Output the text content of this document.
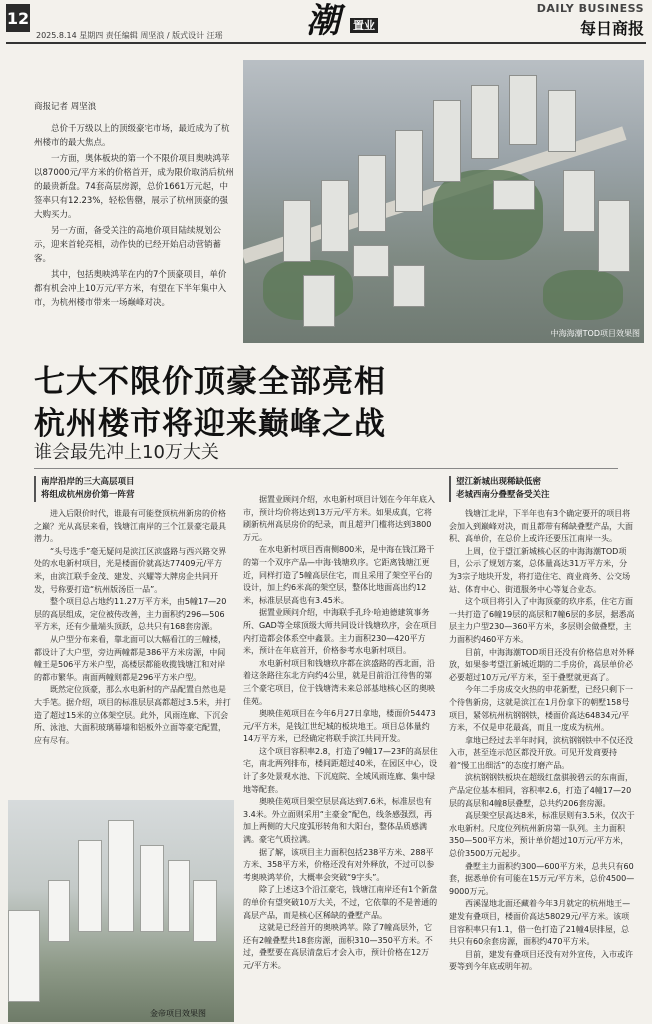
12
2025.8.14 星期四 责任编辑 周坚浪 / 版式设计 汪瑶 潮	置业
DAILY BUSINESS
每日商报
中海海潮TOD项目效果图

商报记者 周坚浪

总价千万级以上的顶级豪宅市场，最近成为了杭州楼市的最大焦点。

一方面，奥体板块的第一个不限价项目奥映鸿苹以87000元/平方米的价格首开，成为限价取消后杭州的最贵新盘。74套高层房源，总价1661万元起，中签率只有12.23%，轻松售罄，展示了杭州顶豪的强大购买力。

另一方面，备受关注的高地价项目陆续规划公示，迎来首轮亮相，动作快的已经开始启动营销蓄客。

其中，包括奥映鸿苹在内的7个顶豪项目，单价都有机会冲上10万元/平方米，有望在下半年集中入市，为杭州楼市带来一场巅峰对决。

七大不限价顶豪全部亮相
杭州楼市将迎来巅峰之战
谁会最先冲上10万大关

南岸沿岸的三大高层项目
将组成杭州房价第一阵营

进入后限价时代，谁最有可能登顶杭州新房的价格之巅？光从高层来看，钱塘江南岸的三个江景豪宅最具潜力。

“头号选手”毫无疑问是滨江区滨盛路与西兴路交界处的水电新村项目，光是楼面价就高达77409元/平方米，由滨江联手金茂、建发、兴耀等大牌房企共同开发，号称要打造“杭州版汤臣一品”。

整个项目总占地约11.27万平方米，由5幢17—20层的高层组成，定位被传改善，主力面积约296—506平方米，还有少量端头顶跃，总共只有168套房源。

从户型分布来看，靠北面可以大幅看江的三幢楼，都设计了大户型，旁边两幢都是386平方米房源，中间幢王是506平方米户型，高楼层都能收揽钱塘江和对岸的都市繁华。南面两幢则都是296平方米户型。

既然定位顶豪，那么水电新村的产品配置自然也是大手笔。据介绍，项目的标准层层高都超过3.5米，并打造了超过15米的立体架空层。此外，风雨连廊、下沉会所、泳池、大面积玻璃幕墙和铝板外立面等豪宅配置，应有尽有。

据置业顾问介绍，水电新村项目计划在今年年底入市，预计均价将达到13万元/平方米。如果成真，它将刷新杭州高层房价的纪录，而且超尹门槛将达到3800万元。

在水电新村项目西南侧800米，是中海在钱江路干的第一个双序产品—中海·钱塘玖序。它距离钱塘江更近，同样打造了5幢高层住宅，而且采用了架空平台的设计，加上约6米高的架空层，整体比地面高出约12米，标准层层高也有3.45米。

据置业顾问介绍，中海联手孔玲·哈迪德建筑事务所、GAD等全球顶级大师共同设计钱塘玖序，会在项目内打造都会体系空中鑫景。主力面积230—420平方米，预计在年底首开，价格参考水电新村项目。

水电新村项目和钱塘玖序都在滨盛路的西北面，沿着这条路往东北方向约4公里，就是目前沿江待售的第三个豪宅项目，位于钱塘湾未来总部基地核心区的奥映佳苑。

奥映佳苑项目在今年6月27日拿地，楼面价54473元/平方米，是钱江世纪城的板块地王。项目总体量约14万平方米，已经确定将联手滨江共同开发。

这个项目容积率2.8，打造了9幢17—23F的高层住宅，南北两列排布，楼间距超过40米，在园区中心，设计了多处景观水池、下沉庭院、全域风雨连廊、集中绿地等配套。

奥映佳苑项目架空层层高达到7.6米，标准层也有3.4米。外立面则采用“主豪金”配色，线条感强烈，再加上两侧的大尺度弧形转角和大阳台，整体品质感满满。豪宅气质拉满。

据了解，该项目主力面积包括238平方米、288平方米、358平方米，价格还没有对外释放，不过可以参考奥映鸿苹价，大概率会突破“9字头”。

除了上述这3个沿江豪宅，钱塘江南岸还有1个新盘的单价有望突破10万大关，不过，它依靠的不是普通的高层产品，而是核心区稀缺的叠墅产品。

这就是已经首开的奥映鸿苹。除了7幢高层外，它还有2幢叠墅共18套房源，面积310—350平方米。不过，叠墅要在高层清盘后才会入市，预计价格在12万元/平方米。

望江新城出现稀缺低密
老城西南分叠墅备受关注

钱塘江北岸，下半年也有3个确定要开的项目将会加入到巅峰对决，而且都带有稀缺叠墅产品，大面积、高单价，在总价上或许还要压江南岸一头。

上周，位于望江新城核心区的中海海潮TOD项目，公示了规划方案，总体量高达31万平方米，分为3宗子地块开发，将打造住宅、商业商务、公交场站、体育中心、街道服务中心等复合业态。

这个项目将引入了中海顶豪的玖序系，住宅方面一共打造了6幢19层的高层和7幢6层的多层，据悉高层主力户型230—360平方米，多层则会做叠墅，主力面积约460平方米。

目前，中海海潮TOD项目还没有价格信息对外释放，如果参考望江新城近期的二手房价，高层单价必必要超过10万元/平方米，至于叠墅就更高了。

今年二手房成交火热的申花新墅，已经只剩下一个待售新房，这就是滨江在1月份拿下的朝墅158号项目，紧邻杭州杭钢钢铁，楼面价高达64834元/平方米，不仅是申花最高，而且一度成为杭州。

拿地已经过去半年时间，滨杭钢钢铁中不仅还没入市，甚至连示范区都没开放。可见开发商要持着“慢工出细活”的态度打磨产品。

滨杭钢钢铁板块在超级红盘骐骏碧云的东南面，产品定位基本相同，容积率2.6，打造了4幢17—20层的高层和4幢8层叠墅，总共约206套房源。

高层架空层高达8米，标准层则有3.5米，仅次于水电新村。尺度位列杭州新房第一队列。主力面积350—500平方米，预计单价超过10万元/平方米，总价3500万元起步。

叠墅主力面积约300—600平方米，总共只有60套，据悉单价有可能在15万元/平方米，总价4500—9000万元。

西溪湿地北面还藏着今年3月就定的杭州地王—建发有叠项目，楼面价高达58029元/平方米。该项目容积率只有1.1，借一色打造了21幢4层排屋，总共只有60余套房源，面积约470平方米。

目前，建发有叠项目还没有对外宣传，入市或许要等到今年底或明年初。

金帝项目效果图
